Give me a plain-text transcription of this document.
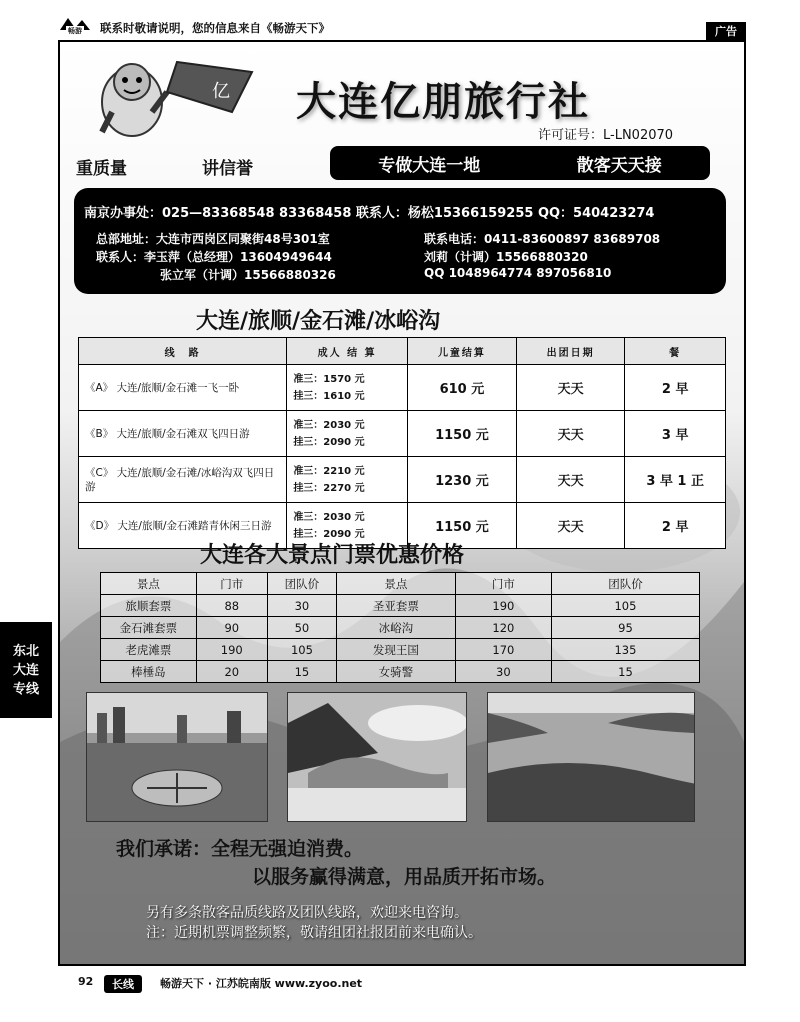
畅游 联系时敬请说明，您的信息来自《畅游天下》	广告
东北
大连
专线
亿
重质量	讲信誉
大连亿朋旅行社
许可证号：L-LN02070
专做大连一地	散客天天接
南京办事处：025—83368548 83368458 联系人：杨松15366159255 QQ：540423274
总部地址：大连市西岗区同聚街48号301室	联系电话：0411-83600897 83689708
联系人：李玉萍（总经理）13604949644	刘莉（计调）15566880320
张立军（计调）15566880326	QQ 1048964774 897056810
大连/旅顺/金石滩/冰峪沟
线　路	成人 结 算	儿童结算	出团日期	餐
《A》 大连/旅顺/金石滩一飞一卧	准三：1570 元
挂三：1610 元	610 元	天天	2 早
《B》 大连/旅顺/金石滩双飞四日游	准三：2030 元
挂三：2090 元	1150 元	天天	3 早
《C》 大连/旅顺/金石滩/冰峪沟双飞四日游	准三：2210 元
挂三：2270 元	1230 元	天天	3 早 1 正
《D》 大连/旅顺/金石滩踏青休闲三日游	准三：2030 元
挂三：2090 元	1150 元	天天	2 早
大连各大景点门票优惠价格
景点	门市	团队价	景点	门市	团队价
旅顺套票	88	30	圣亚套票	190	105
金石滩套票	90	50	冰峪沟	120	95
老虎滩票	190	105	发现王国	170	135
棒棰岛	20	15	女骑警	30	15
我们承诺：全程无强迫消费。
以服务赢得满意，用品质开拓市场。
另有多条散客品质线路及团队线路，欢迎来电咨询。
注：近期机票调整频繁，敬请组团社报团前来电确认。
92	长线	畅游天下 · 江苏皖南版 www.zyoo.net
